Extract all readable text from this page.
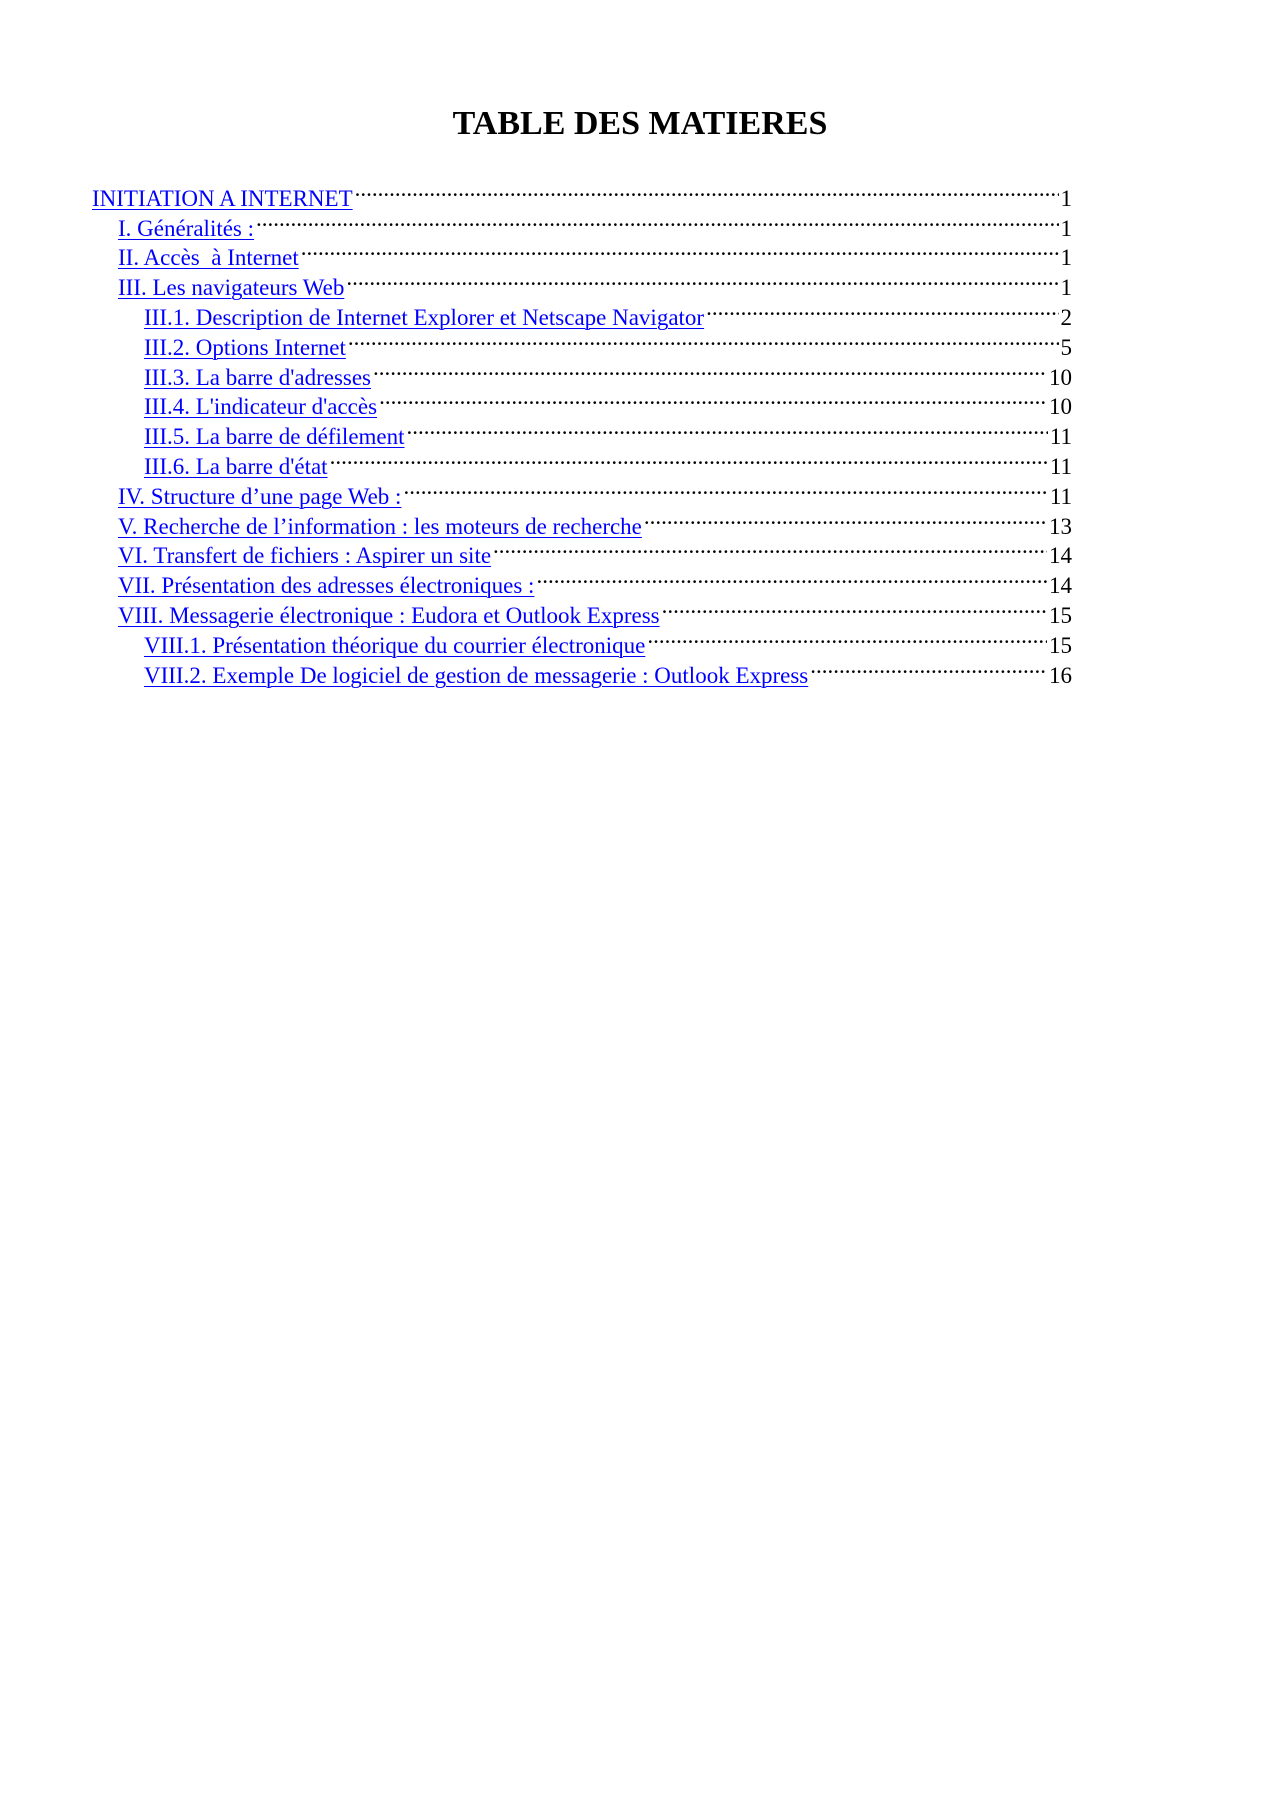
TABLE DES MATIERES
INITIATION A INTERNET .....	1
I. Généralités : .....	1
II. Accès  à Internet .....	1
III. Les navigateurs Web .....	1
III.1. Description de Internet Explorer et Netscape Navigator .....	2
III.2. Options Internet .....	5
III.3. La barre d'adresses .....	10
III.4. L'indicateur d'accès .....	10
III.5. La barre de défilement .....	11
III.6. La barre d'état .....	11
IV. Structure d’une page Web : .....	11
V. Recherche de l’information : les moteurs de recherche .....	13
VI. Transfert de fichiers : Aspirer un site .....	14
VII. Présentation des adresses électroniques : .....	14
VIII. Messagerie électronique : Eudora et Outlook Express .....	15
VIII.1. Présentation théorique du courrier électronique .....	15
VIII.2. Exemple De logiciel de gestion de messagerie : Outlook Express .....	16
